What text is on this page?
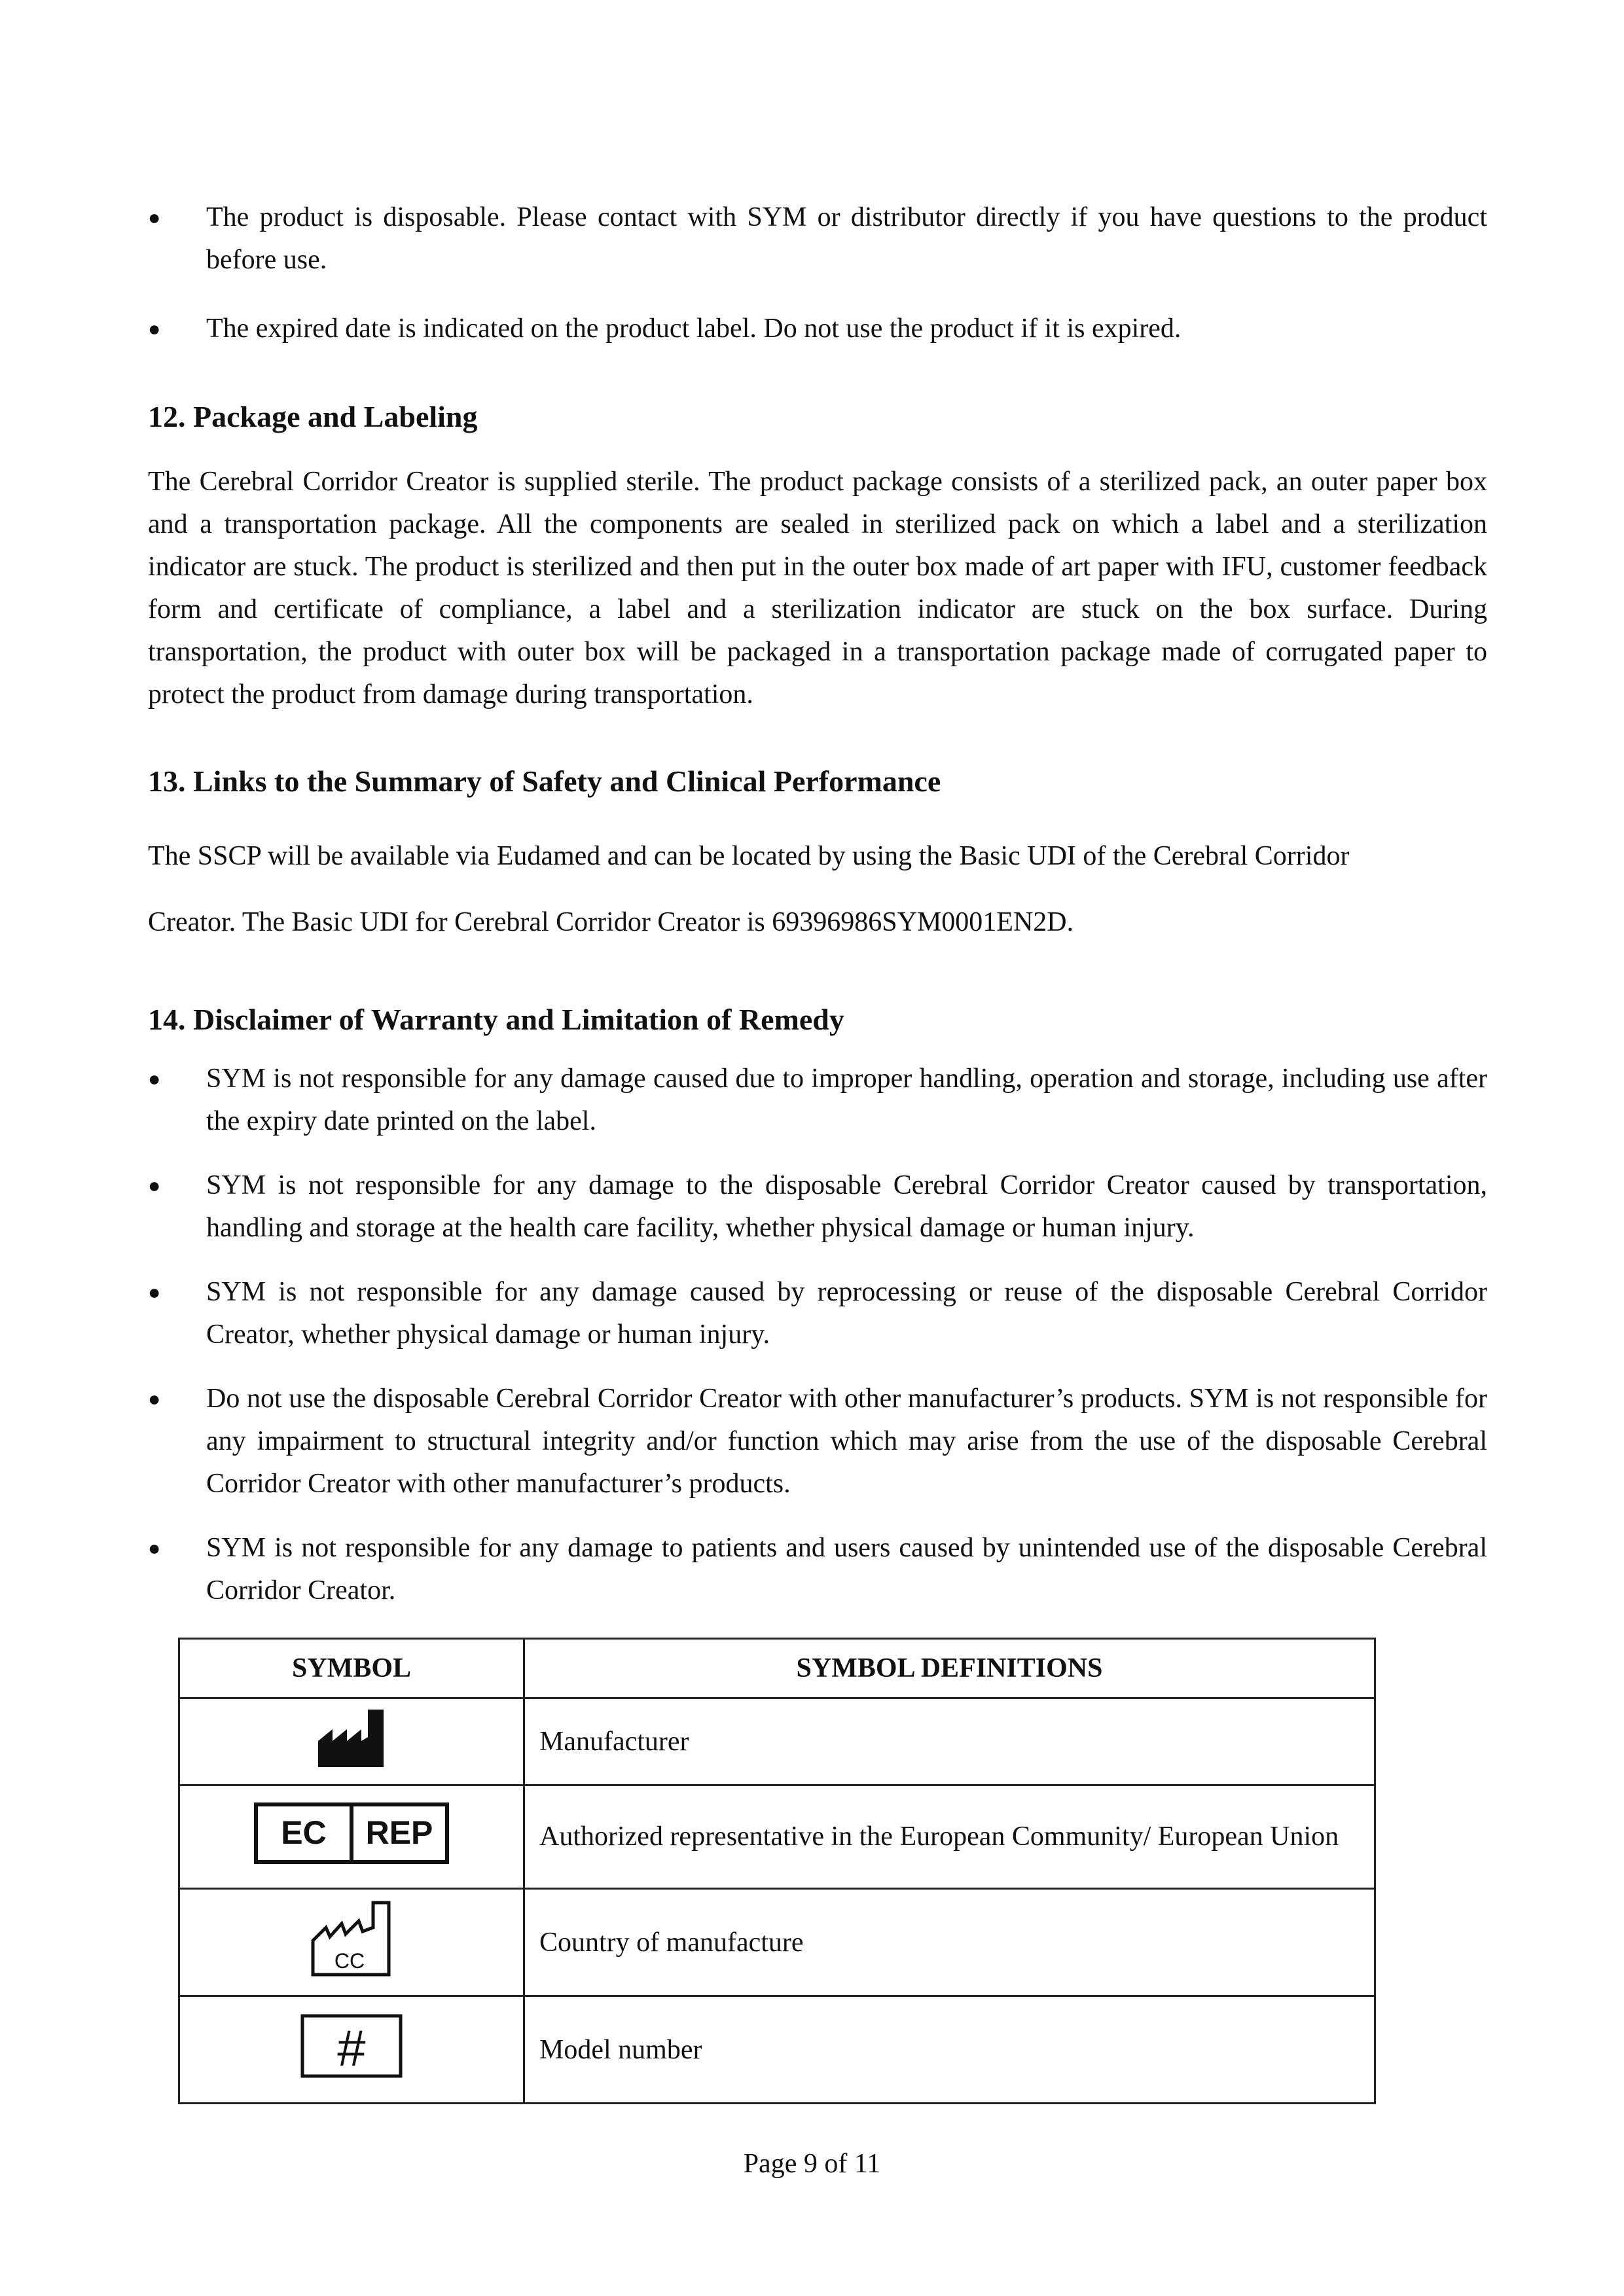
●	The product is disposable. Please contact with SYM or distributor directly if you have questions to the product before use.
●	The expired date is indicated on the product label. Do not use the product if it is expired.
12. Package and Labeling
The Cerebral Corridor Creator is supplied sterile. The product package consists of a sterilized pack, an outer paper box and a transportation package. All the components are sealed in sterilized pack on which a label and a sterilization indicator are stuck. The product is sterilized and then put in the outer box made of art paper with IFU, customer feedback form and certificate of compliance, a label and a sterilization indicator are stuck on the box surface. During transportation, the product with outer box will be packaged in a transportation package made of corrugated paper to protect the product from damage during transportation.
13. Links to the Summary of Safety and Clinical Performance
The SSCP will be available via Eudamed and can be located by using the Basic UDI of the Cerebral Corridor
Creator. The Basic UDI for Cerebral Corridor Creator is 69396986SYM0001EN2D.
14. Disclaimer of Warranty and Limitation of Remedy
●	SYM is not responsible for any damage caused due to improper handling, operation and storage, including use after the expiry date printed on the label.
●	SYM is not responsible for any damage to the disposable Cerebral Corridor Creator caused by transportation, handling and storage at the health care facility, whether physical damage or human injury.
●	SYM is not responsible for any damage caused by reprocessing or reuse of the disposable Cerebral Corridor Creator, whether physical damage or human injury.
●	Do not use the disposable Cerebral Corridor Creator with other manufacturer’s products. SYM is not responsible for any impairment to structural integrity and/or function which may arise from the use of the disposable Cerebral Corridor Creator with other manufacturer’s products.
●	SYM is not responsible for any damage to patients and users caused by unintended use of the disposable Cerebral Corridor Creator.
SYMBOL	SYMBOL DEFINITIONS
	Manufacturer

EC REP	Authorized representative in the European Community/ European Union

CC	Country of manufacture

#	Model number
Page 9 of 11
